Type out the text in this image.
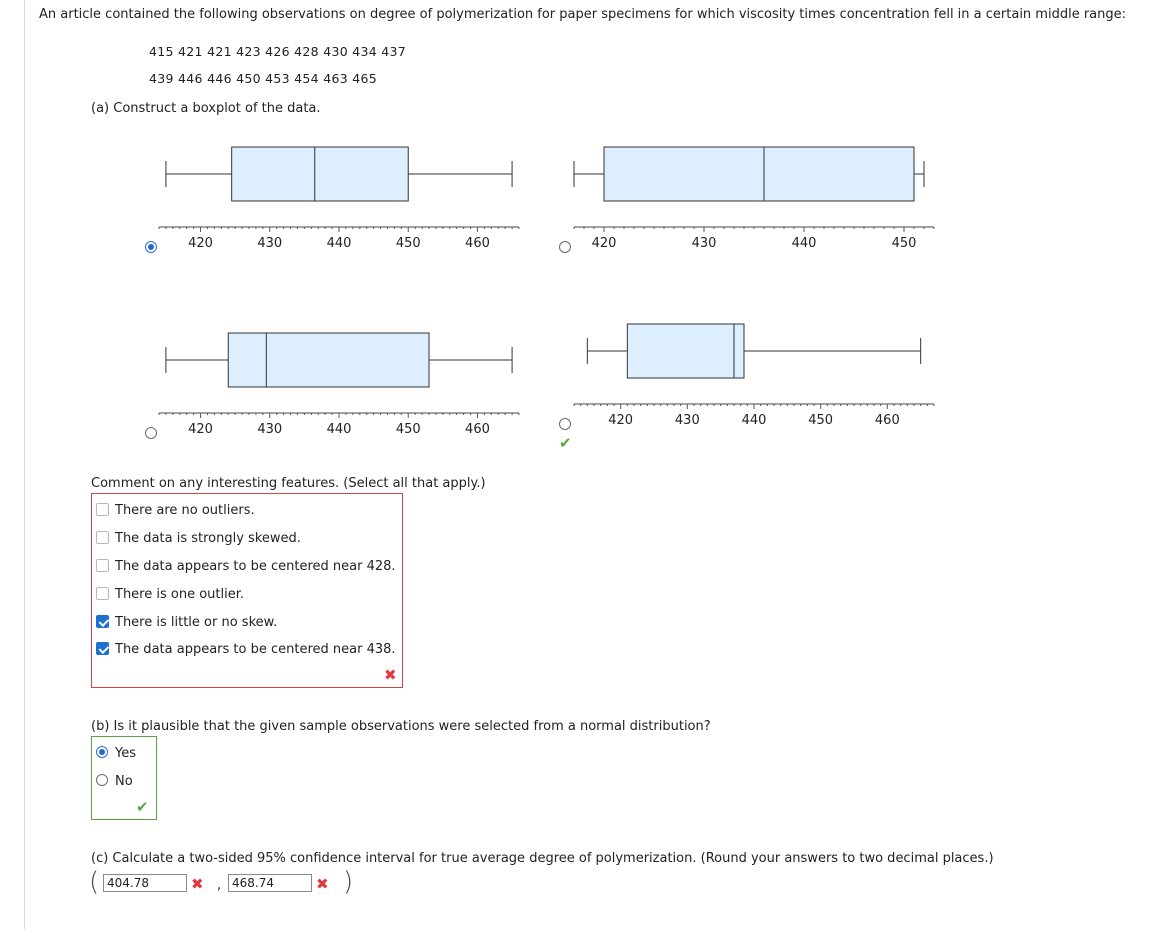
An article contained the following observations on degree of polymerization for paper specimens for which viscosity times concentration fell in a certain middle range:
415 421 421 423 426 428 430 434 437
439 446 446 450 453 454 463 465
(a) Construct a boxplot of the data.
420	430	440	450	460	420	430	440	450
420	430	440	450	460
✔
420	430	440	450	460
Comment on any interesting features. (Select all that apply.)
There are no outliers.
The data is strongly skewed.
The data appears to be centered near 428.
There is one outlier.
There is little or no skew.
The data appears to be centered near 438.
✖
(b) Is it plausible that the given sample observations were selected from a normal distribution?
Yes
No
✔
(c) Calculate a two-sided 95% confidence interval for true average degree of polymerization. (Round your answers to two decimal places.)
( 404.78	✖ , 468.74	✖ )
